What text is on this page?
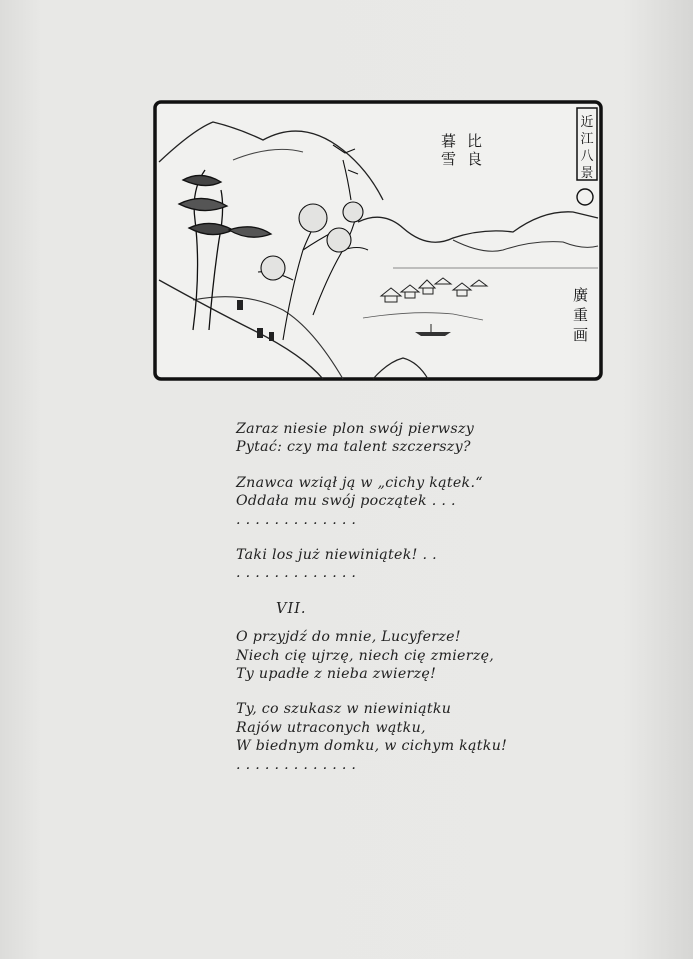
近
江
八
景
比
良
暮
雪
廣
重
画
Zaraz niesie plon swój pierwszy
Pytać: czy ma talent szczerszy?
Znawca wziął ją w „cichy kątek.“
Oddała mu swój początek . . .
. . . . . . . . . . . . .
Taki los już niewiniątek! . .
. . . . . . . . . . . . .
VII.
O przyjdź do mnie, Lucyferze!
Niech cię ujrzę, niech cię zmierzę,
Ty upadłe z nieba zwierzę!
Ty, co szukasz w niewiniątku
Rajów utraconych wątku,
W biednym domku, w cichym kątku!
. . . . . . . . . . . . .
